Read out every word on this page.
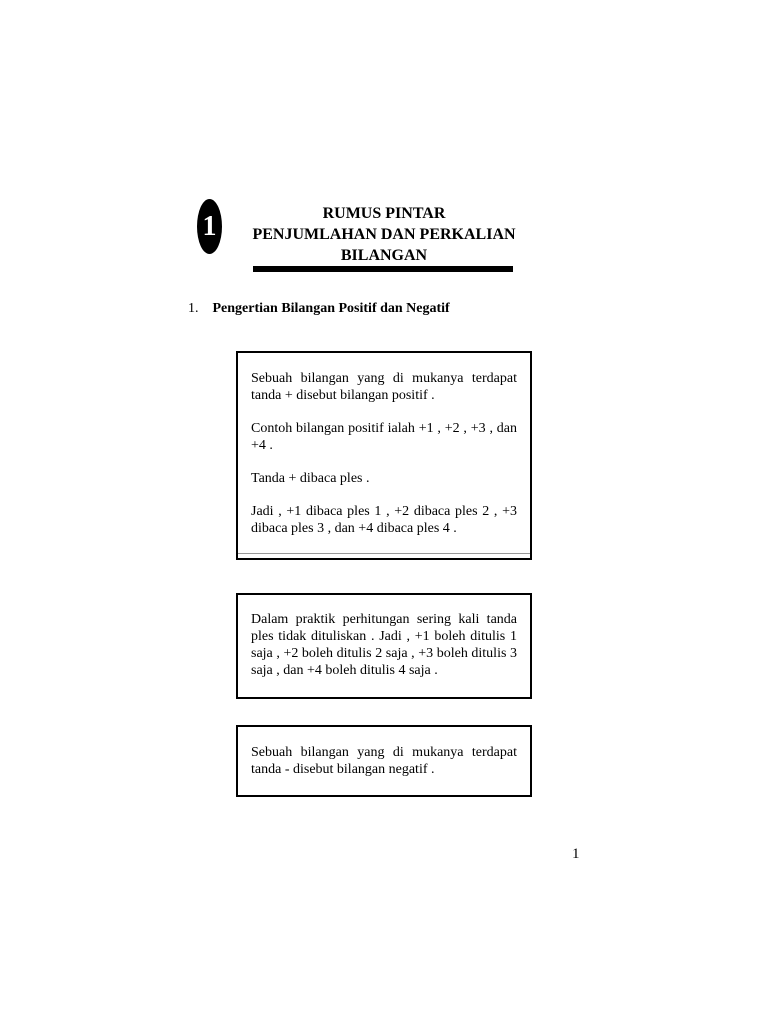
1	RUMUS PINTAR
PENJUMLAHAN DAN PERKALIAN
BILANGAN
1. Pengertian Bilangan Positif dan Negatif

Sebuah bilangan yang di mukanya terdapat tanda + disebut bilangan positif .

Contoh bilangan positif ialah +1 , +2 , +3 , dan +4 .

Tanda + dibaca ples .

Jadi , +1 dibaca ples 1 , +2 dibaca ples 2 , +3 dibaca ples 3 , dan +4 dibaca ples 4 .

Dalam praktik perhitungan sering kali tanda ples tidak dituliskan . Jadi , +1 boleh ditulis 1 saja , +2 boleh ditulis 2 saja , +3 boleh ditulis 3 saja , dan +4 boleh ditulis 4 saja .

Sebuah bilangan yang di mukanya terdapat tanda - disebut bilangan negatif .

1
